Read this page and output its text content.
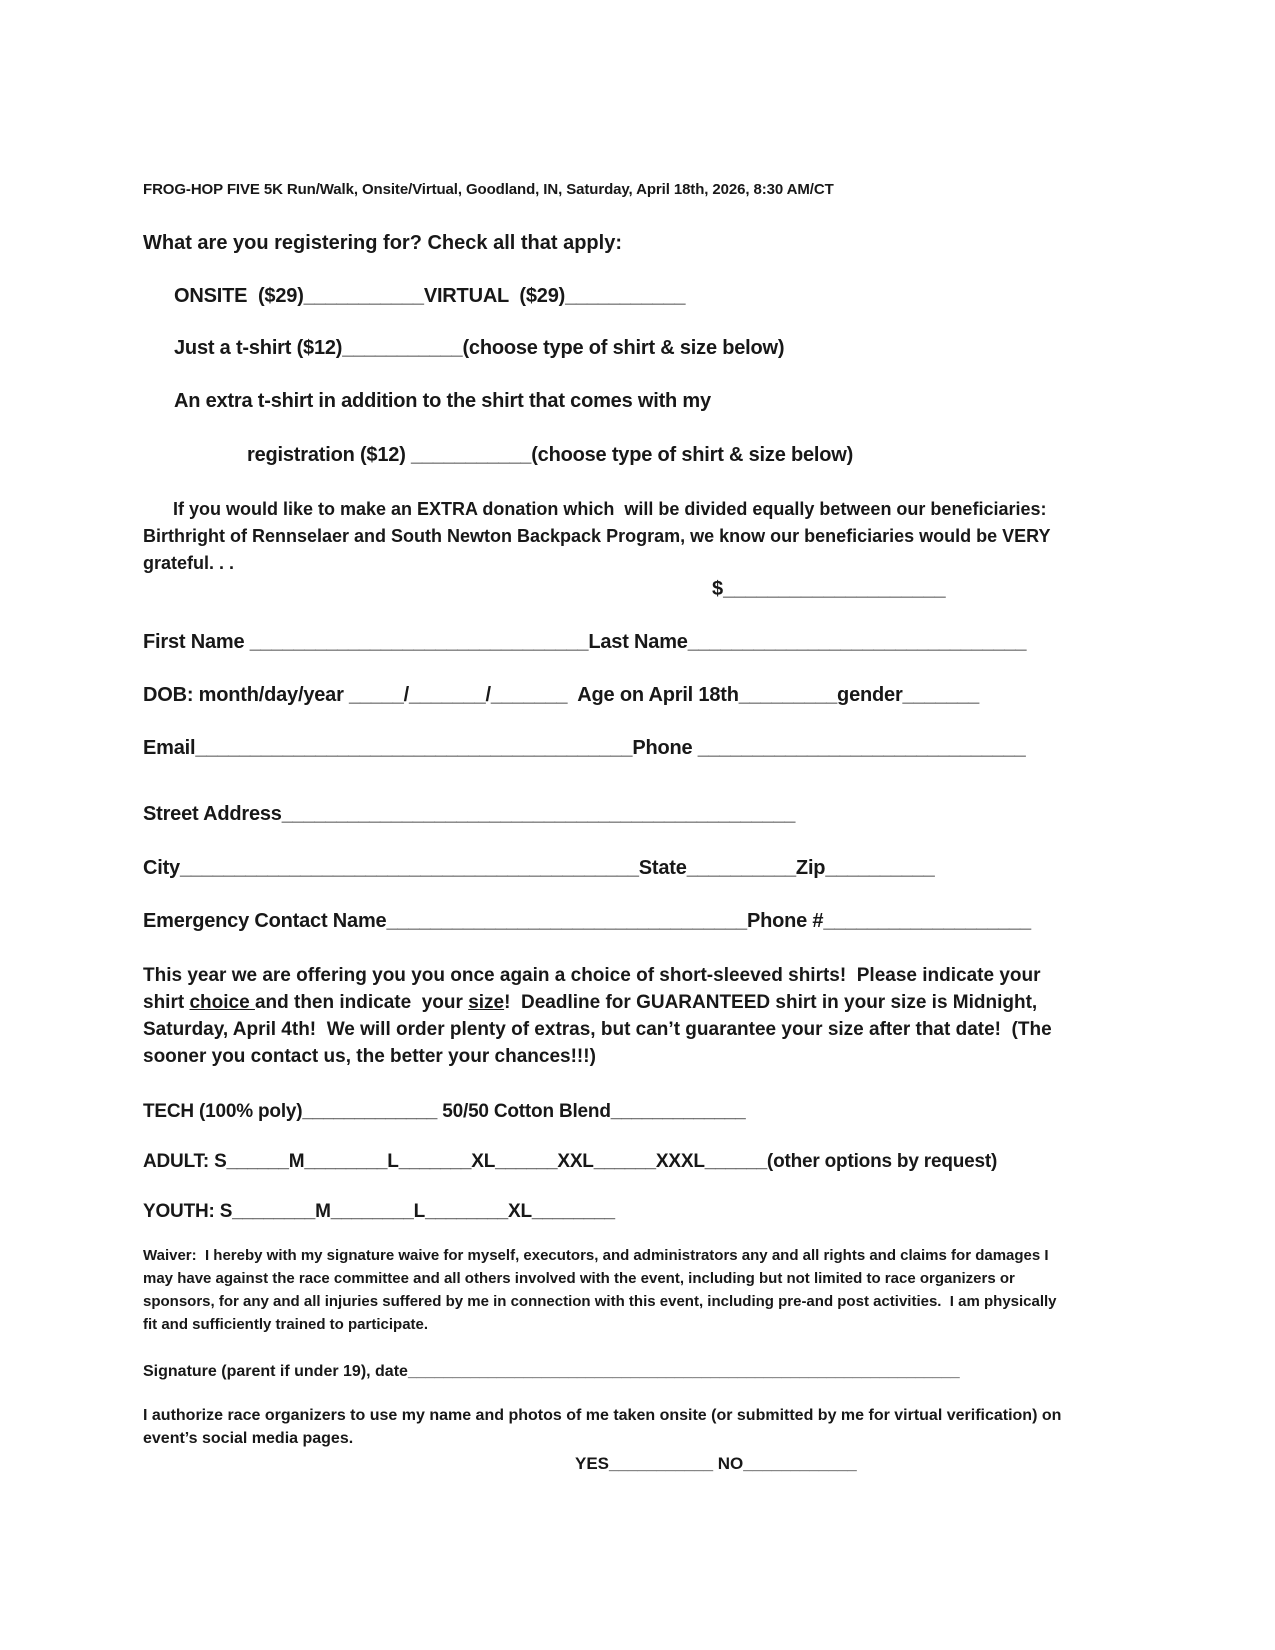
FROG-HOP FIVE 5K Run/Walk, Onsite/Virtual, Goodland, IN, Saturday, April 18th, 2026, 8:30 AM/CT

What are you registering for? Check all that apply:

ONSITE  ($29)___________VIRTUAL  ($29)___________

Just a t-shirt ($12)___________(choose type of shirt & size below)

An extra t-shirt in addition to the shirt that comes with my

registration ($12) ___________(choose type of shirt & size below)

If you would like to make an EXTRA donation which  will be divided equally between our beneficiaries:  Birthright of Rennselaer and South Newton Backpack Program, we know our beneficiaries would be VERY grateful. . .

$____________________

First Name _______________________________Last Name_______________________________

DOB: month/day/year _____/_______/_______  Age on April 18th_________gender_______

Email________________________________________Phone ______________________________

Street Address_______________________________________________

City__________________________________________State__________Zip__________

Emergency Contact Name_________________________________Phone #___________________

This year we are offering you you once again a choice of short-sleeved shirts!  Please indicate your shirt choice and then indicate  your size!  Deadline for GUARANTEED shirt in your size is Midnight, Saturday, April 4th!  We will order plenty of extras, but can’t guarantee your size after that date!  (The sooner you contact us, the better your chances!!!)

TECH (100% poly)_____________ 50/50 Cotton Blend_____________

ADULT: S______M________L_______XL______XXL______XXXL______(other options by request)

YOUTH: S________M________L________XL________

Waiver:  I hereby with my signature waive for myself, executors, and administrators any and all rights and claims for damages I may have against the race committee and all others involved with the event, including but not limited to race organizers or sponsors, for any and all injuries suffered by me in connection with this event, including pre-and post activities.  I am physically fit and sufficiently trained to participate.

Signature (parent if under 19), date______________________________________________________________

I authorize race organizers to use my name and photos of me taken onsite (or submitted by me for virtual verification) on event’s social media pages.

YES___________ NO____________
